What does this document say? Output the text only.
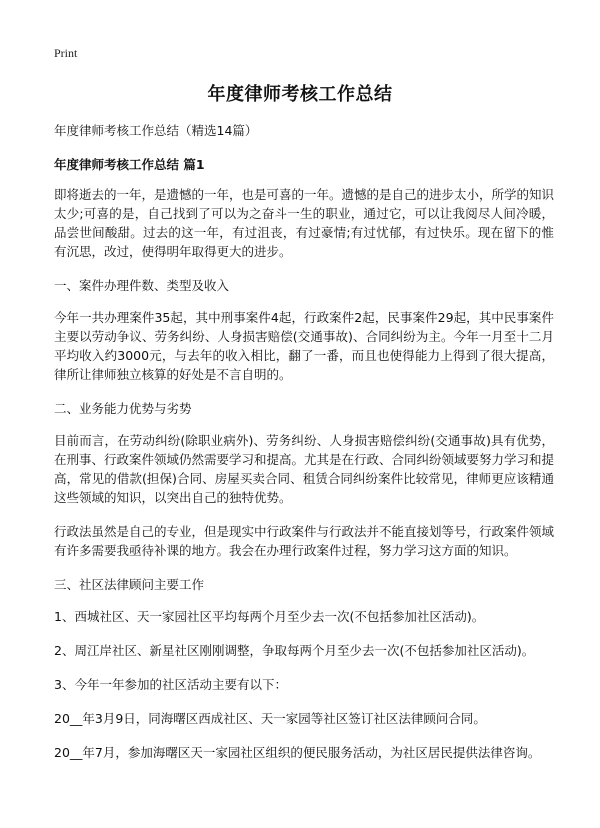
Print
年度律师考核工作总结

年度律师考核工作总结（精选14篇）

年度律师考核工作总结 篇1

即将逝去的一年，是遗憾的一年，也是可喜的一年。遗憾的是自己的进步太小，所学的知识太少;可喜的是，自己找到了可以为之奋斗一生的职业，通过它，可以让我阅尽人间冷暖，品尝世间酸甜。过去的这一年，有过沮丧，有过豪情;有过忧郁，有过快乐。现在留下的惟有沉思，改过，使得明年取得更大的进步。

一、案件办理件数、类型及收入

今年一共办理案件35起，其中刑事案件4起，行政案件2起，民事案件29起，其中民事案件主要以劳动争议、劳务纠纷、人身损害赔偿(交通事故)、合同纠纷为主。今年一月至十二月平均收入约3000元，与去年的收入相比，翻了一番，而且也使得能力上得到了很大提高，律所让律师独立核算的好处是不言自明的。

二、业务能力优势与劣势

目前而言，在劳动纠纷(除职业病外)、劳务纠纷、人身损害赔偿纠纷(交通事故)具有优势，在刑事、行政案件领域仍然需要学习和提高。尤其是在行政、合同纠纷领域要努力学习和提高，常见的借款(担保)合同、房屋买卖合同、租赁合同纠纷案件比较常见，律师更应该精通这些领域的知识，以突出自己的独特优势。

行政法虽然是自己的专业，但是现实中行政案件与行政法并不能直接划等号，行政案件领域有许多需要我亟待补课的地方。我会在办理行政案件过程，努力学习这方面的知识。

三、社区法律顾问主要工作

1、西城社区、天一家园社区平均每两个月至少去一次(不包括参加社区活动)。

2、周江岸社区、新星社区刚刚调整，争取每两个月至少去一次(不包括参加社区活动)。

3、今年一年参加的社区活动主要有以下：

20__年3月9日，同海曙区西成社区、天一家园等社区签订社区法律顾问合同。

20__年7月，参加海曙区天一家园社区组织的便民服务活动，为社区居民提供法律咨询。
